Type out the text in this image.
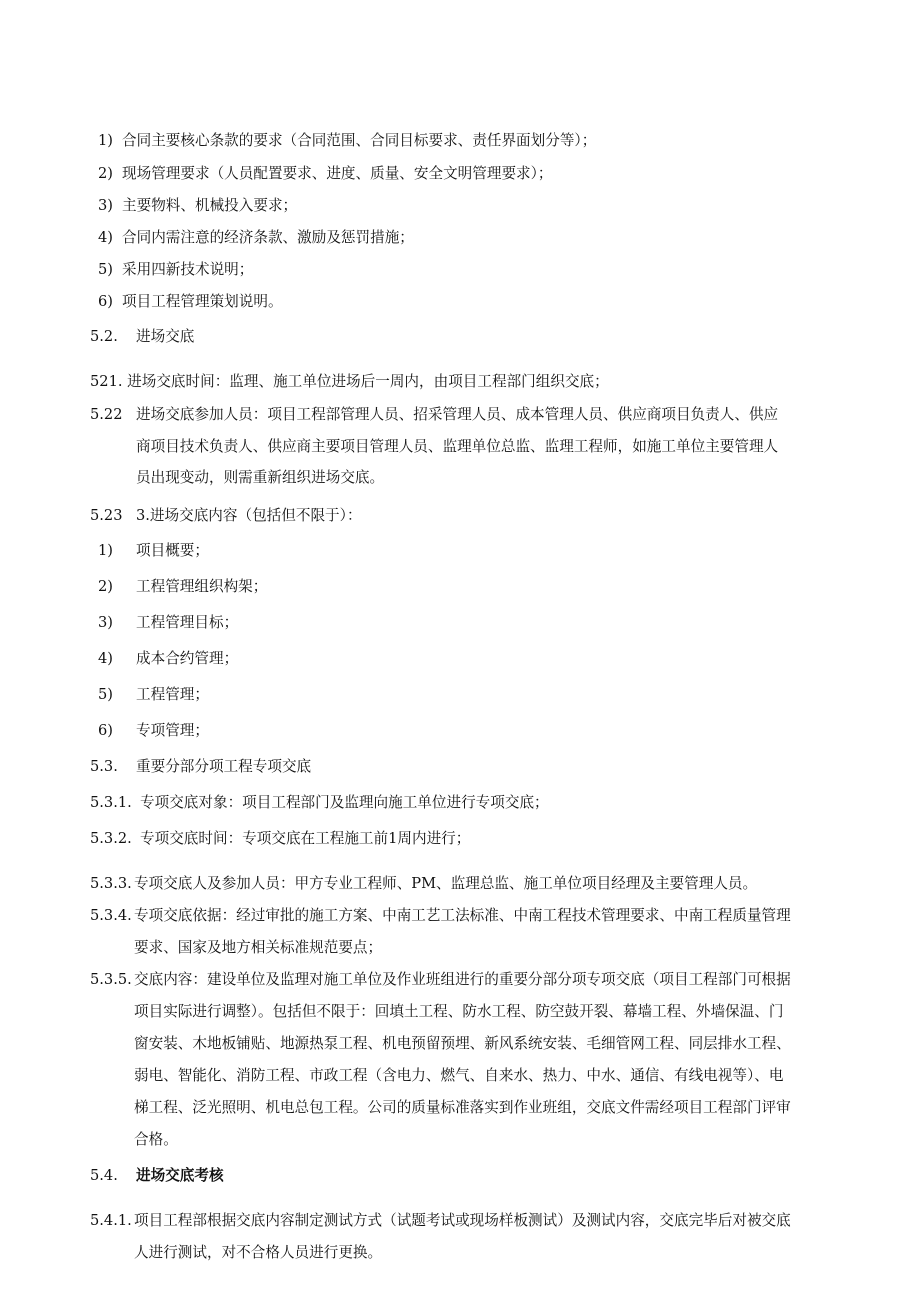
1) 合同主要核心条款的要求（合同范围、合同目标要求、责任界面划分等）；
2) 现场管理要求（人员配置要求、进度、质量、安全文明管理要求）；
3) 主要物料、机械投入要求；
4) 合同内需注意的经济条款、激励及惩罚措施；
5) 采用四新技术说明；
6) 项目工程管理策划说明。
5.2. 进场交底
521. 进场交底时间：监理、施工单位进场后一周内，由项目工程部门组织交底；
5.22 进场交底参加人员：项目工程部管理人员、招采管理人员、成本管理人员、供应商项目负责人、供应
商项目技术负责人、供应商主要项目管理人员、监理单位总监、监理工程师，如施工单位主要管理人
员出现变动，则需重新组织进场交底。
5.23 3.进场交底内容（包括但不限于）：
1) 项目概要；
2) 工程管理组织构架；
3) 工程管理目标；
4) 成本合约管理；
5) 工程管理；
6) 专项管理；
5.3. 重要分部分项工程专项交底
5.3.1. 专项交底对象：项目工程部门及监理向施工单位进行专项交底；
5.3.2. 专项交底时间：专项交底在工程施工前1周内进行；
5.3.3. 专项交底人及参加人员：甲方专业工程师、PM、监理总监、施工单位项目经理及主要管理人员。
5.3.4. 专项交底依据：经过审批的施工方案、中南工艺工法标准、中南工程技术管理要求、中南工程质量管理
要求、国家及地方相关标准规范要点；
5.3.5. 交底内容：建设单位及监理对施工单位及作业班组进行的重要分部分项专项交底（项目工程部门可根据
项目实际进行调整）。包括但不限于：回填土工程、防水工程、防空鼓开裂、幕墙工程、外墙保温、门
窗安装、木地板铺贴、地源热泵工程、机电预留预埋、新风系统安装、毛细管网工程、同层排水工程、
弱电、智能化、消防工程、市政工程（含电力、燃气、自来水、热力、中水、通信、有线电视等）、电
梯工程、泛光照明、机电总包工程。公司的质量标准落实到作业班组，交底文件需经项目工程部门评审
合格。
5.4. 进场交底考核
5.4.1. 项目工程部根据交底内容制定测试方式（试题考试或现场样板测试）及测试内容，交底完毕后对被交底
人进行测试，对不合格人员进行更换。
